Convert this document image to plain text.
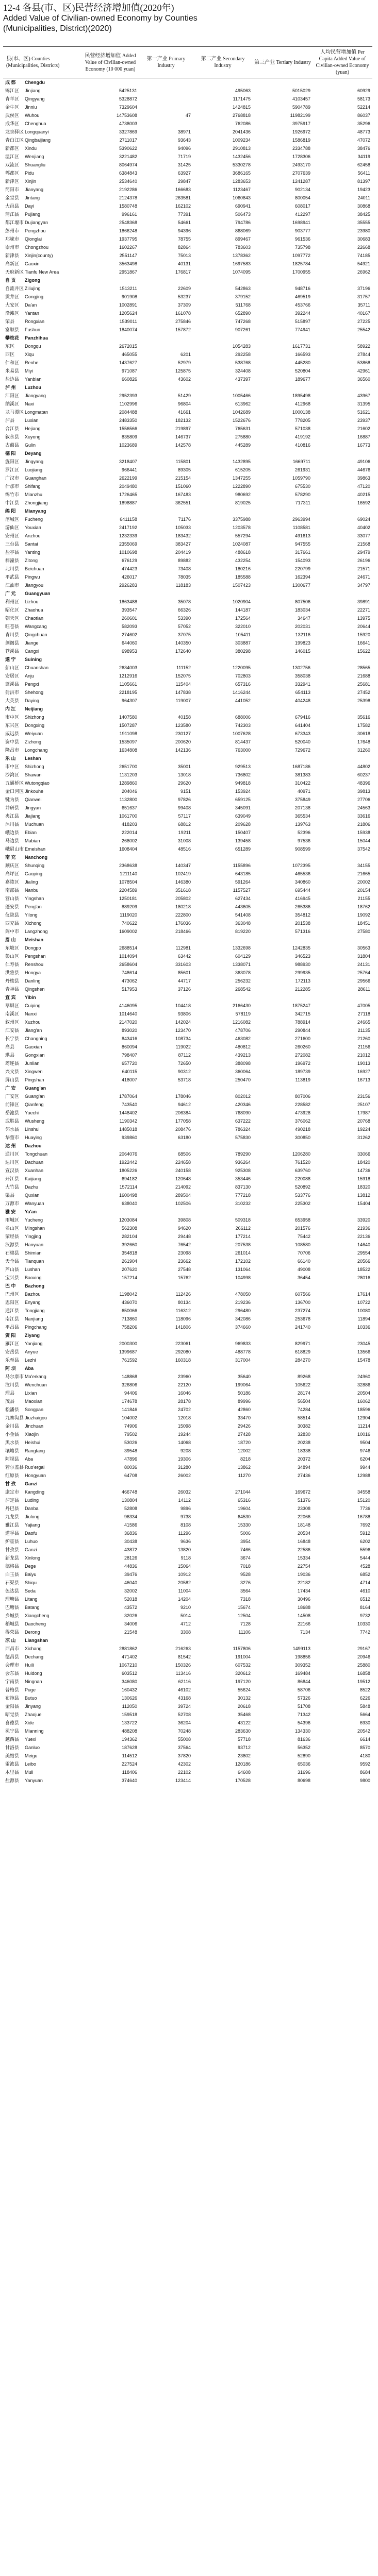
12-4 各县(市、区)民营经济增加值(2020年)
Added Value of Civilian-owned Economy by Counties
(Municipalities, District)(2020)
县(市、区) Counties (Municipalities, Districts)	民营经济增加值 Added Value of Civilian-owned Economy (10 000 yuan)	第一产业 Primary Industry	第二产业 Secondary Industry	第三产业 Tertiary Industry	人均民营增加值 Per Capita Added Value of Civilian-owned Economy (yuan)
成 都 Chengdu					
锦江区 Jinjiang	5425131		495063	5015029	60929
青羊区 Qingyang	5328872		1171475	4103457	58173
金牛区 Jinniu	7329604		1424815	5904789	52214
武侯区 Wuhou	14753608	47	2768818	11982199	86037
成华区 Chenghua	4738003		762086	3975917	35296
龙泉驿区 Longquanyi	3327869	38971	2041436	1926972	48773
青白江区 Qingbaijiang	2711017	93643	1009234	1586819	47072
新都区 Xindu	5390622	94096	2910813	2334788	38476
温江区 Wenjiang	3221482	71719	1432456	1728306	34119
双流区 Shuangliu	8064974	31425	5330278	2493170	62458
郫都区 Pidu	6384843	63927	3686165	2707639	56411
新津区 Xinjin	2534640	29847	1283653	1241287	81397
简阳市 Jianyang	2192286	166683	1123467	902134	19423
金堂县 Jintang	2124378	263581	1060843	800054	24011
大邑县 Dayi	1580748	162102	690941	608017	30868
蒲江县 Pujiang	996161	77391	506473	412297	38425
都江堰市 Dujiangyan	2548368	54661	794786	1698941	35555
彭州市 Pengzhou	1866248	94396	868069	903777	23980
邛崃市 Qionglai	1937795	78755	899467	961536	30683
崇州市 Chongzhou	1602267	82864	783603	735798	22668
新津县 Xinjin(county)	2551147	75013	1378362	1097772	74185
高新区 Gaoxin	3563498	40131	1697583	1825784	54921
天府新区 Tianfu New Area	2951867	176817	1074095	1700955	26962
自 贡 Zigong					
自流井区 Ziliujing	1513211	22609	542863	948716	37196
贡井区 Gongjing	901908	53237	379152	469519	31757
大安区 Da'an	1002891	37309	511768	453766	35711
沿滩区 Yantan	1205624	161078	652890	392244	40167
荣县 Rongxian	1539011	275846	747268	515897	27225
富顺县 Fushun	1840074	157872	907261	774941	25542
攀枝花 Panzhihua					
东区 Dongqu	2672015		1054283	1617731	58922
西区 Xiqu	465055	6201	292258	166593	27844
仁和区 Renhe	1437627	52979	538768	445280	53868
米易县 Miyi	971087	125875	324408	520804	42961
盐边县 Yanbian	660826	43602	437397	189677	36560
泸 州 Luzhou					
江阳区 Jiangyang	2952393	51429	1005466	1895498	43967
纳溪区 Naxi	1102996	96804	613962	412968	31395
龙马潭区 Longmatan	2084488	41661	1042689	1000138	51621
泸县 Luxian	2483350	182132	1522676	778205	23937
合江县 Hejiang	1556566	219897	765631	571038	21602
叙永县 Xuyong	835809	146737	275880	419192	16887
古蔺县 Gulin	1023689	142578	445289	410816	16773
德 阳 Deyang					
旌阳区 Jingyang	3218407	115801	1432895	1669711	49106
罗江区 Luojiang	966441	89305	615205	261931	44676
广汉市 Guanghan	2622199	215154	1347255	1059790	39863
什邡市 Shifang	2049480	151060	1222890	675530	47120
绵竹市 Mianzhu	1726465	167483	980692	578290	40215
中江县 Zhongjiang	1898887	362551	819025	717311	16592
绵 阳 Mianyang					
涪城区 Fucheng	6411158	71176	3375988	2963994	69024
游仙区 Youxian	2417192	105033	1203578	1108581	40402
安州区 Anzhou	1232339	183432	557294	491613	33077
三台县 Santai	2355069	383427	1024087	947555	21568
盐亭县 Yanting	1010698	204419	488618	317661	29479
梓潼县 Zitong	676129	89882	432254	154093	26196
北川县 Beichuan	474423	73408	180216	220799	21571
平武县 Pingwu	426017	78035	185588	162394	24671
江油市 Jiangyou	2926283	118183	1507423	1300677	34797
广 元 Guangyuan					
利州区 Lizhou	1863488	35078	1020904	807506	39891
昭化区 Zhaohua	393547	66326	144187	183034	22271
朝天区 Chaotian	260601	53390	172564	34647	13975
旺苍县 Wangcang	582093	57052	322010	202031	20644
青川县 Qingchuan	274602	37075	105411	132116	15920
剑阁县 Jiange	644060	140350	303887	199823	16641
苍溪县 Cangxi	698953	172640	380298	146015	15622
遂 宁 Suining					
船山区 Chuanshan	2634003	111152	1220095	1302756	28565
安居区 Anju	1212916	152075	702803	358038	21688
蓬溪县 Pengxi	1105661	115404	657316	332941	25681
射洪市 Shehong	2218195	147838	1416244	654113	27452
大英县 Daying	964307	119007	441052	404248	25398
内 江 Neijiang					
市中区 Shizhong	1407580	40158	688006	679416	35616
东兴区 Dongxing	1507287	123580	742303	641404	17582
威远县 Weiyuan	1911098	230127	1007628	673343	30618
资中县 Zizhong	1535097	200620	814437	520040	17648
隆昌市 Longchang	1634808	142136	763000	729672	31260
乐 山 Leshan					
市中区 Shizhong	2651700	35001	929513	1687186	44802
沙湾区 Shawan	1131203	13018	736802	381383	60237
五通桥区 Wutongqiao	1289860	29620	949818	310422	48396
金口河区 Jinkouhe	204046	9151	153924	40971	39813
犍为县 Qianwei	1132800	97826	659125	375849	27706
井研县 Jingyan	651637	99408	345091	207138	24563
夹江县 Jiajiang	1061700	57117	639049	365534	33616
沐川县 Muchuan	418203	68812	209628	139763	21806
峨边县 Ebian	222014	19211	150407	52396	15938
马边县 Mabian	268002	31008	139458	97536	15044
峨眉山市 Emeishan	1608404	48516	651289	908599	37542
南 充 Nanchong					
顺庆区 Shunqing	2368638	140347	1155896	1072395	34155
高坪区 Gaoping	1211140	102419	643185	465536	21665
嘉陵区 Jialing	1078504	146380	591264	340860	20002
南部县 Nanbu	2204589	351618	1157527	695444	20154
营山县 Yingshan	1250181	205802	627434	416945	21155
蓬安县 Peng'an	889209	180218	443605	265386	18762
仪陇县 Yilong	1119020	222800	541408	354812	19092
西充县 Xichong	740622	176036	363048	201538	18451
阆中市 Langzhong	1609002	218466	819220	571316	27580
眉 山 Meishan					
东坡区 Dongpo	2688514	112981	1332698	1242835	30563
彭山区 Pengshan	1014094	63442	604129	346523	31804
仁寿县 Renshou	2658604	331603	1338071	988930	24131
洪雅县 Hongya	748614	85601	363078	299935	25764
丹棱县 Danling	473062	44717	256232	172113	29566
青神县 Qingshen	517953	37126	268542	212285	28611
宜 宾 Yibin					
翠屏区 Cuiping	4146095	104418	2166430	1875247	47005
南溪区 Nanxi	1014640	93806	578119	342715	27118
叙州区 Xuzhou	2147020	142024	1216082	788914	24665
江安县 Jiang'an	893020	123470	478706	290844	21135
长宁县 Changning	843416	108734	463082	271600	21260
高县 Gaoxian	860094	119022	480812	260260	21156
珙县 Gongxian	798407	87112	439213	272082	21012
筠连县 Junlian	657720	72650	388098	196972	19013
兴文县 Xingwen	640115	90312	360064	189739	16927
屏山县 Pingshan	418007	53718	250470	113819	16713
广 安 Guang'an					
广安区 Guang'an	1787064	178046	802012	807006	23156
前锋区 Qianfeng	743540	94612	420346	228582	25107
岳池县 Yuechi	1448402	206384	768090	473928	17987
武胜县 Wusheng	1190342	177058	637222	376062	20768
邻水县 Linshui	1485018	208476	786324	490218	19224
华蓥市 Huaying	939860	63180	575830	300850	31262
达 州 Dazhou					
通川区 Tongchuan	2064076	68506	789290	1206280	33066
达川区 Dachuan	1922442	224658	936264	761520	18420
宣汉县 Xuanhan	1805226	240158	925308	639760	14736
开江县 Kaijiang	694182	120648	353446	220088	15918
大竹县 Dazhu	1572114	214092	837130	520892	18320
渠县 Quxian	1600498	289504	777218	533776	13812
万源市 Wanyuan	638040	102506	310232	225302	15404
雅 安 Ya'an					
雨城区 Yucheng	1203084	39808	509318	653958	33920
名山区 Mingshan	562308	94620	266112	201576	21936
荥经县 Yingjing	282104	29448	177214	75442	22136
汉源县 Hanyuan	392660	76542	207538	108580	14640
石棉县 Shimian	354818	23098	261014	70706	29554
天全县 Tianquan	261904	23662	172102	66140	20566
芦山县 Lushan	207620	27548	131064	49008	18522
宝兴县 Baoxing	157214	15762	104998	36454	28016
巴 中 Bazhong					
巴州区 Bazhou	1198042	112426	478050	607566	17614
恩阳区 Enyang	436070	80134	219236	136700	10722
通江县 Tongjiang	650066	116312	296480	237274	10080
南江县 Nanjiang	713860	118096	342086	253678	11894
平昌县 Pingchang	758206	141806	374660	241740	10336
资 阳 Ziyang					
雁江区 Yanjiang	2000300	223061	969833	829971	23045
安岳县 Anyue	1399687	292080	488778	618829	13566
乐至县 Lezhi	761592	160318	317004	284270	15478
阿 坝 Aba					
马尔康市 Ma'erkang	148868	23960	35640	89268	24960
汶川县 Wenchuan	326806	22120	199064	105622	32886
理县 Lixian	94406	16046	50186	28174	20504
茂县 Maoxian	174678	28178	89996	56504	16062
松潘县 Songpan	141846	24702	42860	74284	18596
九寨沟县 Jiuzhaigou	104002	12018	33470	58514	12904
金川县 Jinchuan	74906	15098	29426	30382	11214
小金县 Xiaojin	79502	19244	27428	32830	10016
黑水县 Heishui	53026	14068	18720	20238	9504
壤塘县 Rangtang	39548	9208	12002	18338	9746
阿坝县 Aba	47896	19306	8218	20372	6204
若尔盖县 Ruo'ergai	80036	31280	13862	34894	9944
红原县 Hongyuan	64708	26002	11270	27436	12988
甘 孜 Ganzi					
康定市 Kangding	466748	26032	271044	169672	34558
泸定县 Luding	130804	14112	65316	51376	15120
丹巴县 Danba	52808	9896	19604	23308	7736
九龙县 Jiulong	96334	9738	64530	22066	16788
雅江县 Yajiang	41586	8108	15330	18148	7692
道孚县 Daofu	36836	11296	5006	20534	5912
炉霍县 Luhuo	30438	9636	3954	16848	6202
甘孜县 Ganzi	43872	13820	7466	22586	5596
新龙县 Xinlong	28126	9118	3674	15334	5444
德格县 Dege	44836	15064	7018	22754	4528
白玉县 Baiyu	39476	10912	9528	19036	6852
石渠县 Shiqu	46040	20582	3276	22182	4714
色达县 Seda	32002	11004	3564	17434	4610
理塘县 Litang	52018	14204	7318	30496	6512
巴塘县 Batang	43572	9210	15674	18688	8164
乡城县 Xiangcheng	32026	5014	12504	14508	9732
稻城县 Daocheng	34006	4712	7128	22166	10330
得荣县 Derong	21548	3308	11106	7134	7742
凉 山 Liangshan					
西昌市 Xichang	2881862	216263	1157806	1499113	29167
德昌县 Dechang	471402	81542	191004	198856	20946
会理市 Huili	1067210	150326	607532	309352	25880
会东县 Huidong	603512	113416	320612	169484	16858
宁南县 Ningnan	346080	62116	197120	86844	19512
普格县 Puge	160432	46102	55624	58706	8522
布拖县 Butuo	130626	43168	30132	57326	6226
金阳县 Jinyang	112050	39724	20618	51708	5848
昭觉县 Zhaojue	159518	52708	35468	71342	5664
喜德县 Xide	133722	36204	43122	54396	6930
冕宁县 Mianning	488208	70248	283630	134330	20542
越西县 Yuexi	194362	55008	57718	81636	6614
甘洛县 Ganluo	187628	37564	93712	56352	8570
美姑县 Meigu	114512	37820	23802	52890	4180
雷波县 Leibo	227524	42302	120186	65036	9592
木里县 Muli	118406	22102	64608	31696	8684
盐源县 Yanyuan	374640	123414	170528	80698	9800
